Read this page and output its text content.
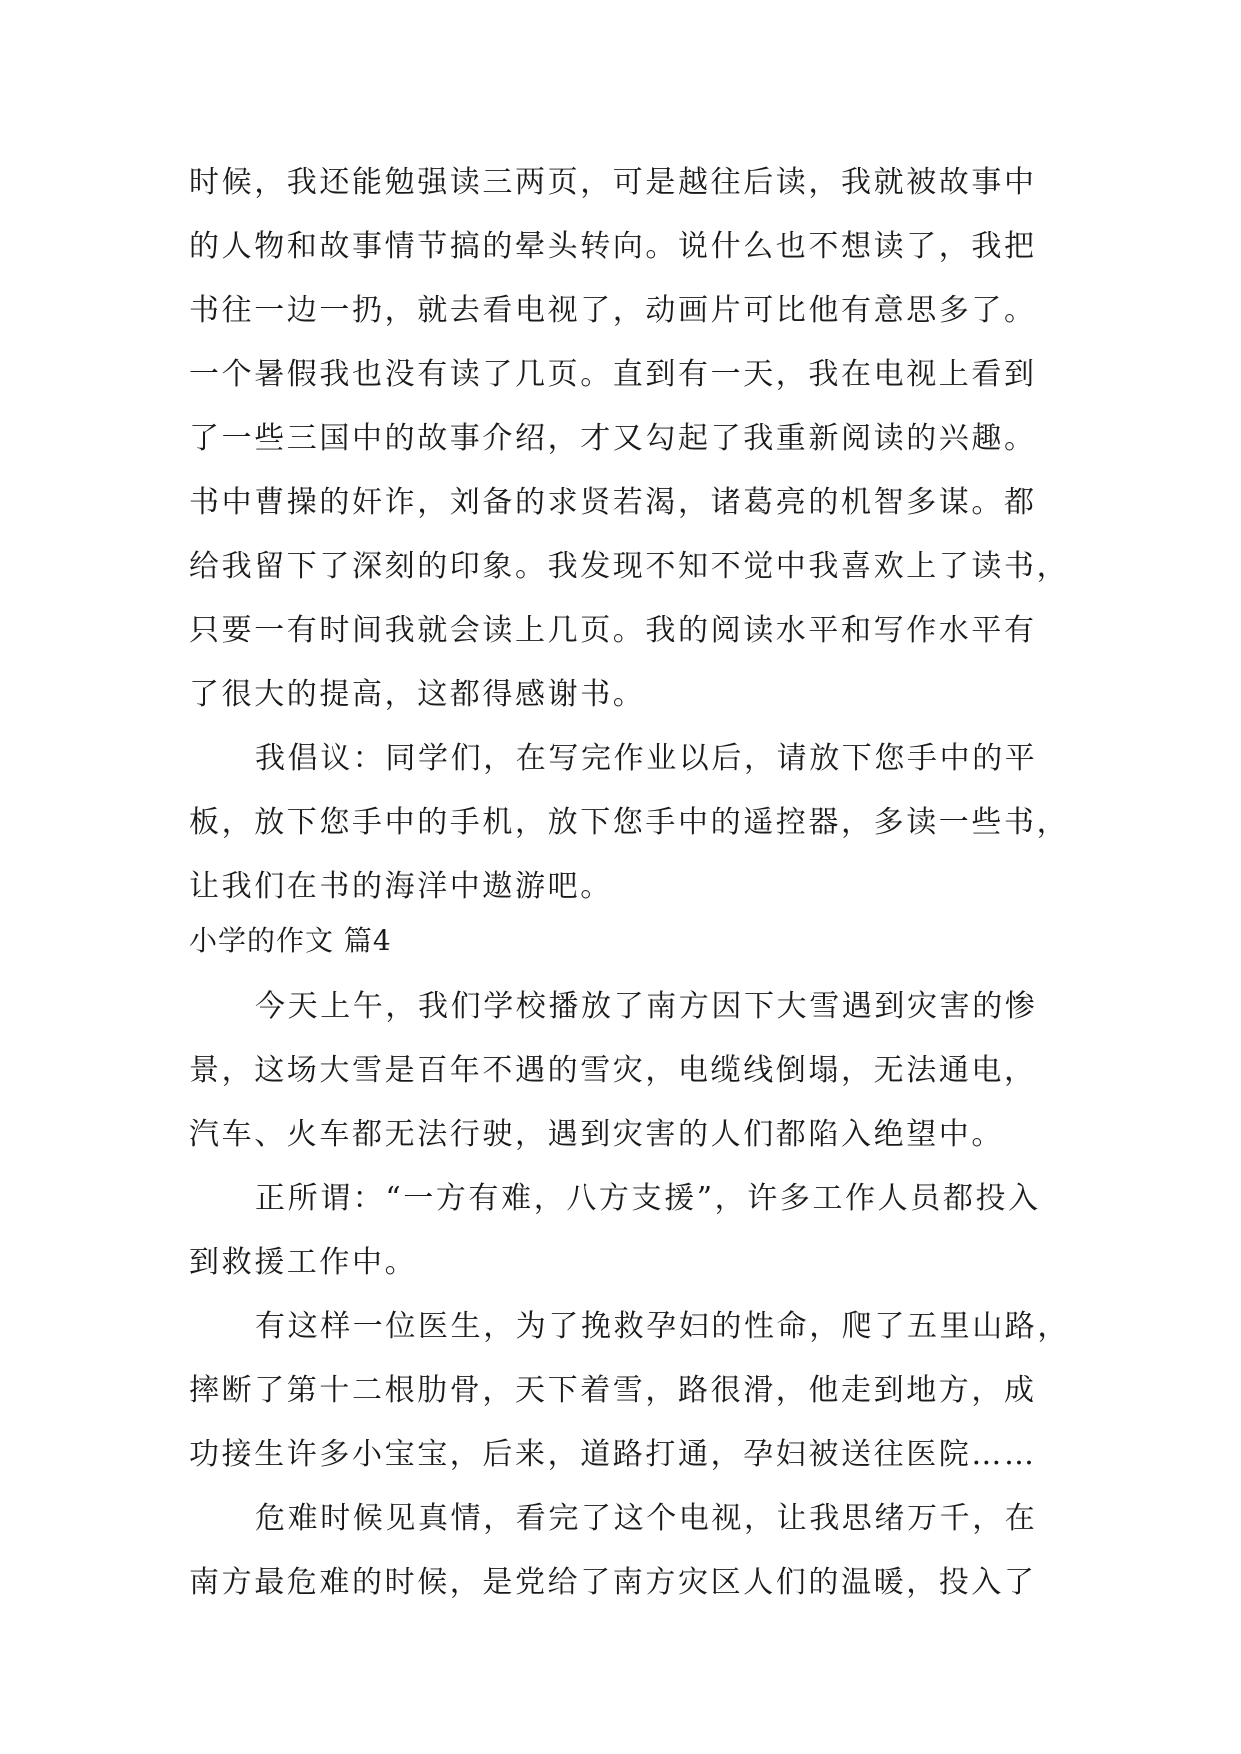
时候，我还能勉强读三两页，可是越往后读，我就被故事中
的人物和故事情节搞的晕头转向。说什么也不想读了，我把
书往一边一扔，就去看电视了，动画片可比他有意思多了。
一个暑假我也没有读了几页。直到有一天，我在电视上看到
了一些三国中的故事介绍，才又勾起了我重新阅读的兴趣。
书中曹操的奸诈，刘备的求贤若渴，诸葛亮的机智多谋。都
给我留下了深刻的印象。我发现不知不觉中我喜欢上了读书，
只要一有时间我就会读上几页。我的阅读水平和写作水平有
了很大的提高，这都得感谢书。
我倡议：同学们，在写完作业以后，请放下您手中的平
板，放下您手中的手机，放下您手中的遥控器，多读一些书，
让我们在书的海洋中遨游吧。
小学的作文 篇4
今天上午，我们学校播放了南方因下大雪遇到灾害的惨
景，这场大雪是百年不遇的雪灾，电缆线倒塌，无法通电，
汽车、火车都无法行驶，遇到灾害的人们都陷入绝望中。
正所谓：“一方有难，八方支援”，许多工作人员都投入
到救援工作中。
有这样一位医生，为了挽救孕妇的性命，爬了五里山路，
摔断了第十二根肋骨，天下着雪，路很滑，他走到地方，成
功接生许多小宝宝，后来，道路打通，孕妇被送往医院……
危难时候见真情，看完了这个电视，让我思绪万千，在
南方最危难的时候，是党给了南方灾区人们的温暖，投入了
